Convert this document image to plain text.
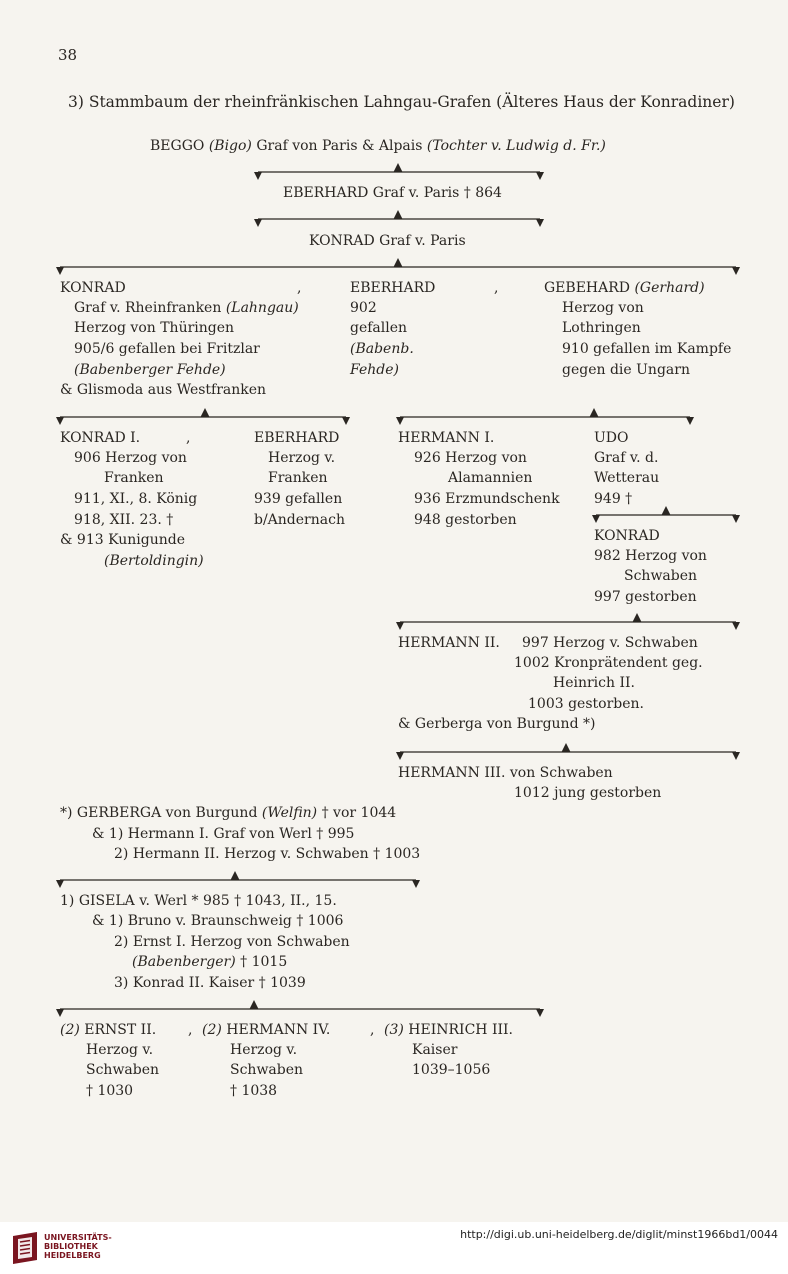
38
3) Stammbaum der rheinfränkischen Lahngau-Grafen (Älteres Haus der Konradiner)
BEGGO (Bigo) Graf von Paris & Alpais (Tochter v. Ludwig d. Fr.)
EBERHARD Graf v. Paris † 864
KONRAD Graf v. Paris
KONRAD
Graf v. Rheinfranken (Lahngau)
Herzog von Thüringen
905/6 gefallen bei Fritzlar
(Babenberger Fehde)
& Glismoda aus Westfranken
,	EBERHARD
902
gefallen
(Babenb.
Fehde)
,	GEBEHARD (Gerhard)
Herzog von
Lothringen
910 gefallen im Kampfe
gegen die Ungarn
KONRAD I.
906 Herzog von
Franken
911, XI., 8. König
918, XII. 23. †
& 913 Kunigunde
(Bertoldingin)
,	EBERHARD
Herzog v.
Franken
939 gefallen
b/Andernach
HERMANN I.
926 Herzog von
Alamannien
936 Erzmundschenk
948 gestorben
UDO
Graf v. d.
Wetterau
949 †
KONRAD
982 Herzog von
Schwaben
997 gestorben
HERMANN II. 997 Herzog v. Schwaben
1002 Kronprätendent geg.
Heinrich II.
1003 gestorben.
& Gerberga von Burgund *)
HERMANN III. von Schwaben
1012 jung gestorben
*) GERBERGA von Burgund (Welfin) † vor 1044
& 1) Hermann I. Graf von Werl † 995
2) Hermann II. Herzog v. Schwaben † 1003
1) GISELA v. Werl * 985 † 1043, II., 15.
& 1) Bruno v. Braunschweig † 1006
2) Ernst I. Herzog von Schwaben
(Babenberger) † 1015
3) Konrad II. Kaiser † 1039
(2) ERNST II.
Herzog v.
Schwaben
† 1030
, (2) HERMANN IV.
Herzog v.
Schwaben
† 1038
, (3) HEINRICH III.
Kaiser
1039–1056
UNIVERSITÄTS-
BIBLIOTHEK
HEIDELBERG
http://digi.ub.uni-heidelberg.de/diglit/minst1966bd1/0044
